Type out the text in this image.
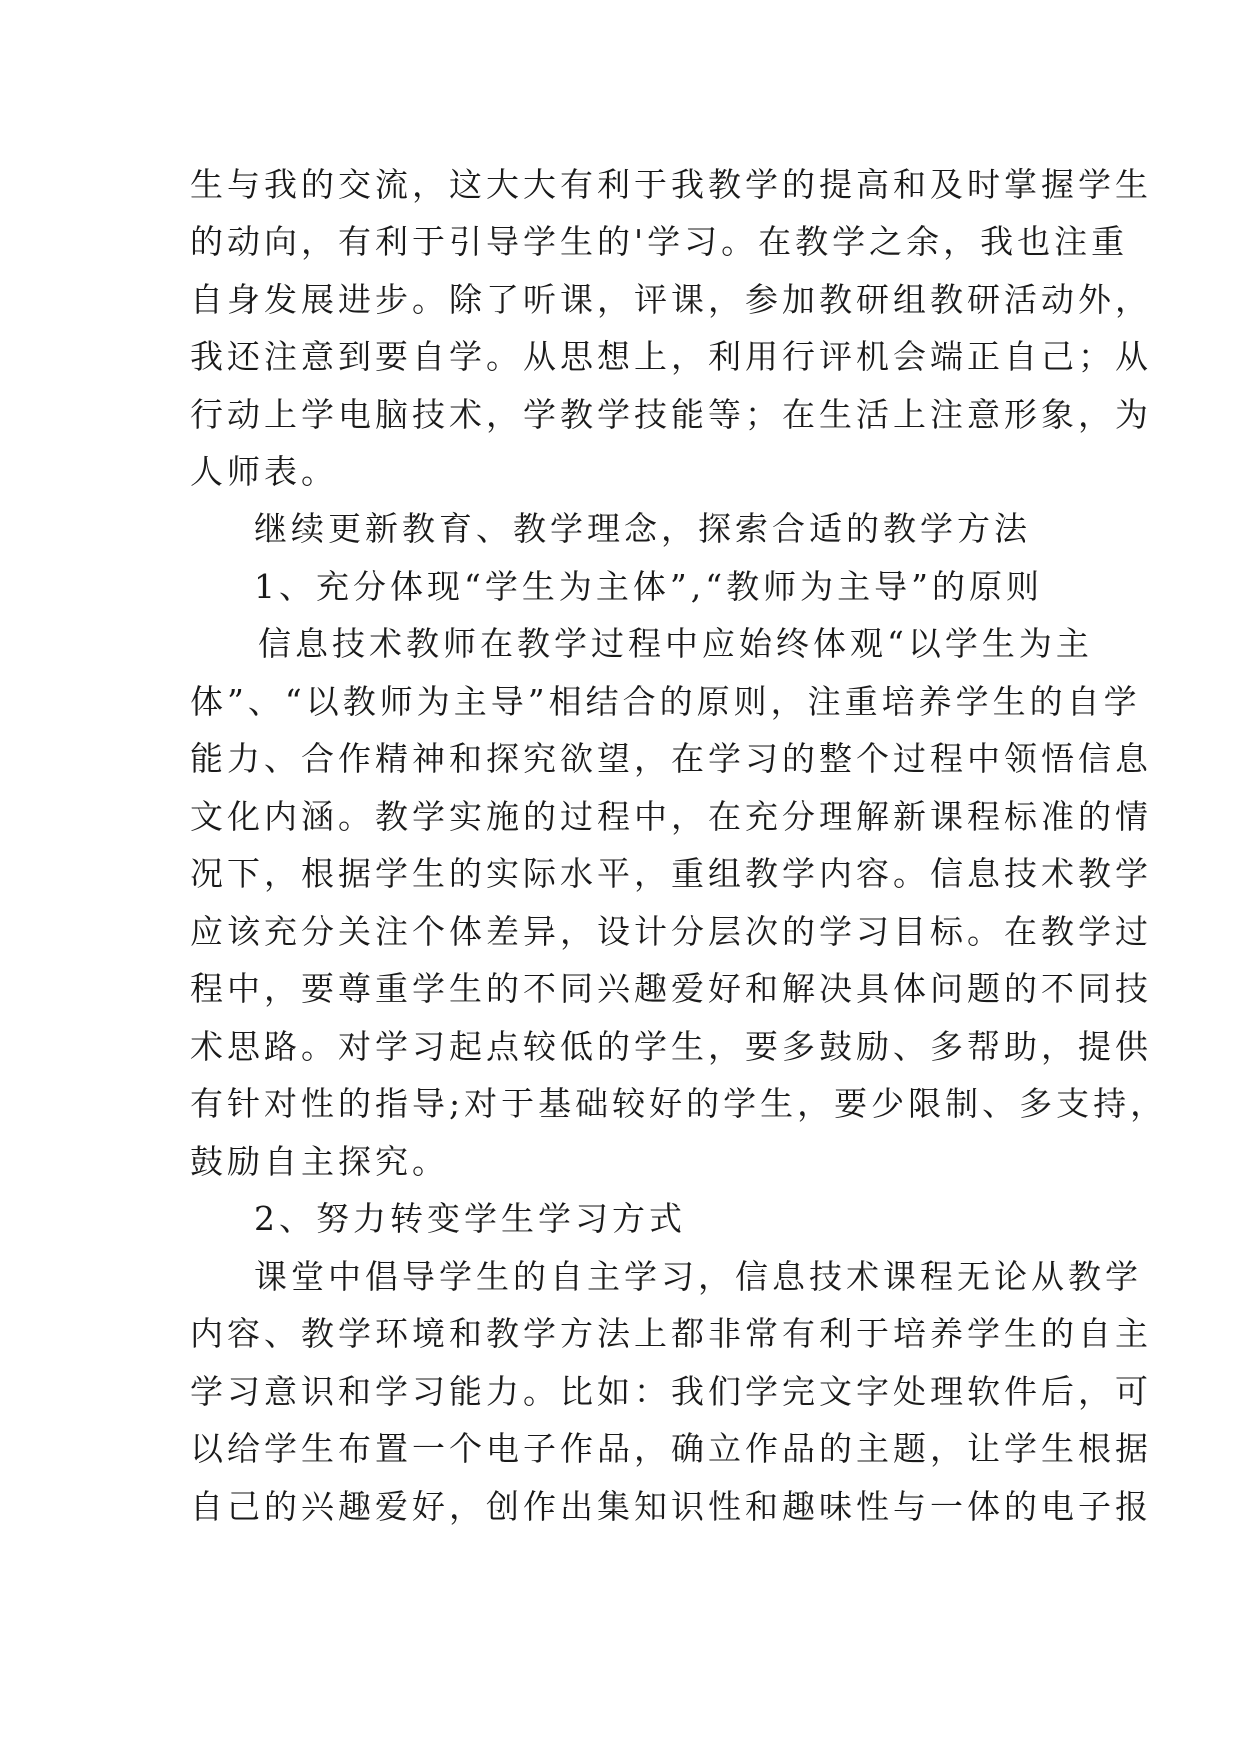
生与我的交流，这大大有利于我教学的提高和及时掌握学生
的动向，有利于引导学生的'学习。在教学之余，我也注重
自身发展进步。除了听课，评课，参加教研组教研活动外，
我还注意到要自学。从思想上，利用行评机会端正自己；从
行动上学电脑技术，学教学技能等；在生活上注意形象，为
人师表。
继续更新教育、教学理念，探索合适的教学方法
1、充分体现“学生为主体”,“教师为主导”的原则
信息技术教师在教学过程中应始终体观“以学生为主
体”、“以教师为主导”相结合的原则，注重培养学生的自学
能力、合作精神和探究欲望，在学习的整个过程中领悟信息
文化内涵。教学实施的过程中，在充分理解新课程标准的情
况下，根据学生的实际水平，重组教学内容。信息技术教学
应该充分关注个体差异，设计分层次的学习目标。在教学过
程中，要尊重学生的不同兴趣爱好和解决具体问题的不同技
术思路。对学习起点较低的学生，要多鼓励、多帮助，提供
有针对性的指导;对于基础较好的学生，要少限制、多支持，
鼓励自主探究。
2、努力转变学生学习方式
课堂中倡导学生的自主学习，信息技术课程无论从教学
内容、教学环境和教学方法上都非常有利于培养学生的自主
学习意识和学习能力。比如：我们学完文字处理软件后，可
以给学生布置一个电子作品，确立作品的主题，让学生根据
自己的兴趣爱好，创作出集知识性和趣味性与一体的电子报
